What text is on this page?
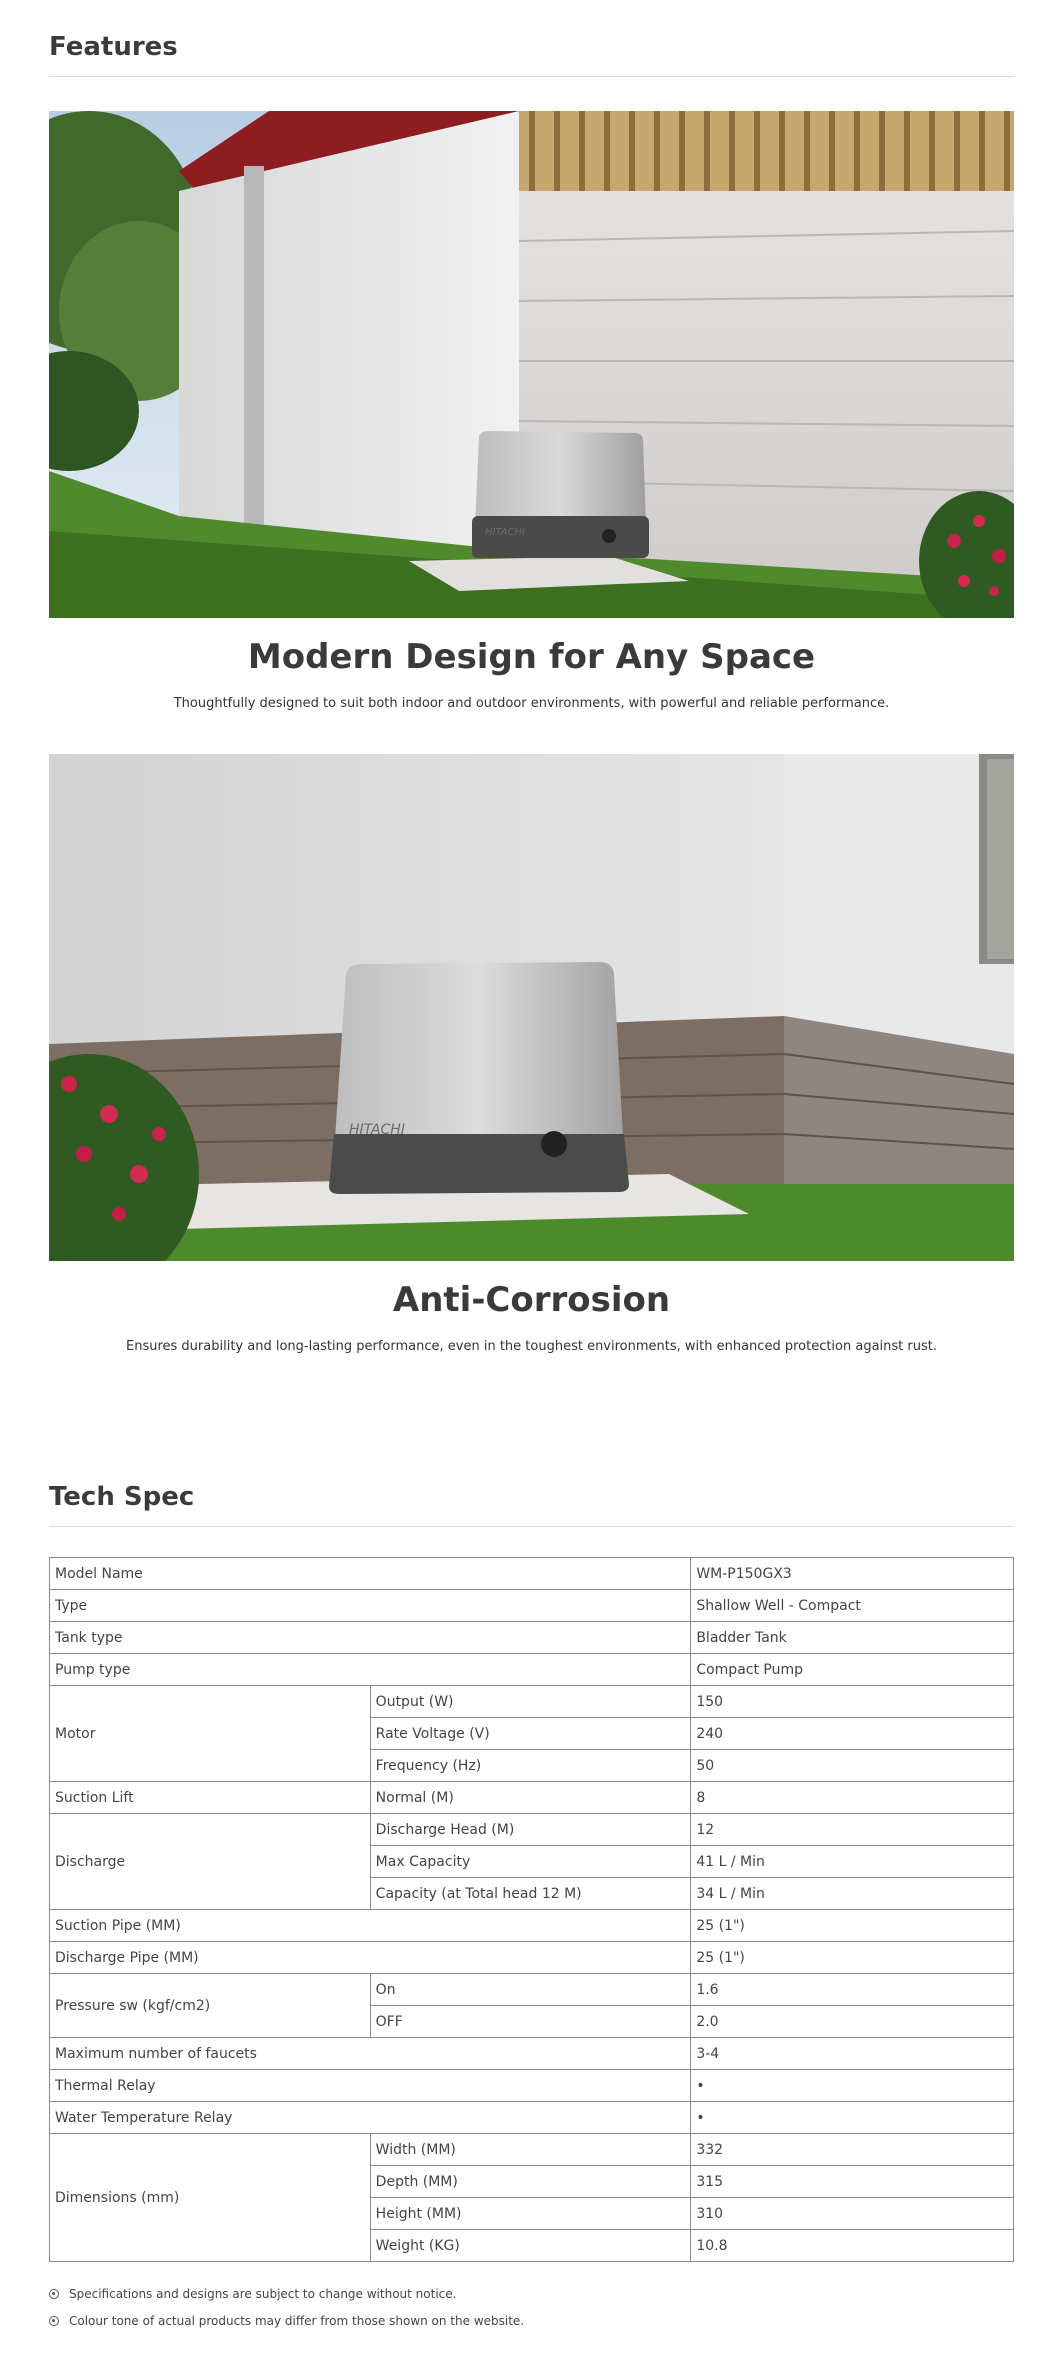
Features
HITACHI
Modern Design for Any Space

Thoughtfully designed to suit both indoor and outdoor environments, with powerful and reliable performance.

HITACHI
Anti-Corrosion

Ensures durability and long-lasting performance, even in the toughest environments, with enhanced protection against rust.

Tech Spec
Model Name		WM-P150GX3
Type		Shallow Well - Compact
Tank type		Bladder Tank
Pump type		Compact Pump
Motor	Output (W)	150
	Rate Voltage (V)	240
	Frequency (Hz)	50
Suction Lift	Normal (M)	8
Discharge	Discharge Head (M)	12
	Max Capacity	41 L / Min
	Capacity (at Total head 12 M)	34 L / Min
Suction Pipe (MM)		25 (1")
Discharge Pipe (MM)		25 (1")
Pressure sw (kgf/cm2)	On	1.6
	OFF	2.0
Maximum number of faucets		3-4
Thermal Relay		•
Water Temperature Relay		•
Dimensions (mm)	Width (MM)	332
	Depth (MM)	315
	Height (MM)	310
	Weight (KG)	10.8
Specifications and designs are subject to change without notice.
Colour tone of actual products may differ from those shown on the website.
